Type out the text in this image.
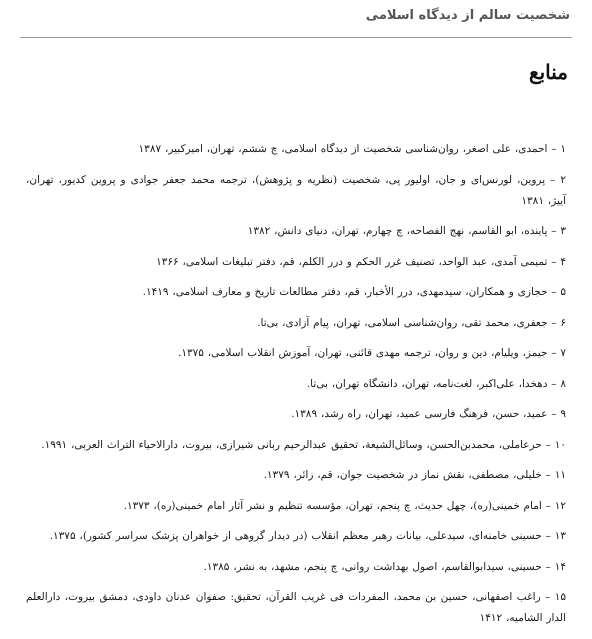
شخصیت سالم از دیدگاه اسلامی
منابع
۱ – احمدی، علی اصغر، روان‌شناسی شخصیت از دیدگاه اسلامی، چ ششم، تهران، امیرکبیر، ۱۳۸۷
۲ – پروین، لورنس‌ای و جان، اولیور پی، شخصیت (نظریه و پژوهش)، ترجمه محمد جعفر جوادی و پروین کدیور، تهران، آییژ، ۱۳۸۱
۳ – پاینده، ابو القاسم، نهج الفصاحه، چ چهارم، تهران، دنیای دانش، ۱۳۸۲
۴ – تمیمی آمدی، عبد الواحد، تصنیف غرر الحکم و درر الکلم، قم، دفتر تبلیغات اسلامی، ۱۳۶۶
۵ – حجازی و همکاران، سیدمهدی، درر الأخبار، قم، دفتر مطالعات تاریخ و معارف اسلامی، ۱۴۱۹.
۶ – جعفری، محمد تقی، روان‌شناسی اسلامی، تهران، پیام آزادی، بی‌تا.
۷ – جیمز، ویلیام، دین و روان، ترجمه مهدی قائنی، تهران، آموزش انقلاب اسلامی، ۱۳۷۵.
۸ – دهخدا، علی‌اکبر، لغت‌نامه، تهران، دانشگاه تهران، بی‌تا.
۹ – عمید، حسن، فرهنگ فارسی عمید، تهران، راه رشد، ۱۳۸۹.
۱۰ – حرعاملی، محمدبن‌الحسن، وسائل‌الشیعة، تحقیق عبدالرحیم ربانی شیرازی، بیروت، دارالاحیاء التراث العربی، ۱۹۹۱.
۱۱ – خلیلی، مصطفی، نقش نماز در شخصیت جوان، قم، زائر، ۱۳۷۹.
۱۲ – امام خمینی(ره)، چهل حدیث، چ پنجم، تهران، مؤسسه تنظیم و نشر آثار امام خمینی(ره)، ۱۳۷۳.
۱۳ – حسینی خامنه‌ای، سیدعلی، بیانات رهبر معظم انقلاب (در دیدار گروهی از خواهران پزشک سراسر کشور)، ۱۳۷۵.
۱۴ – حسینی، سیدابوالقاسم، اصول بهداشت روانی، چ پنجم، مشهد، به نشر، ۱۳۸۵.
۱۵ – راغب اصفهانی، حسین بن محمد، المفردات فی غریب القرآن، تحقیق: صفوان عدنان داودی، دمشق بیروت، دارالعلم الدار الشامیه، ۱۴۱۲
